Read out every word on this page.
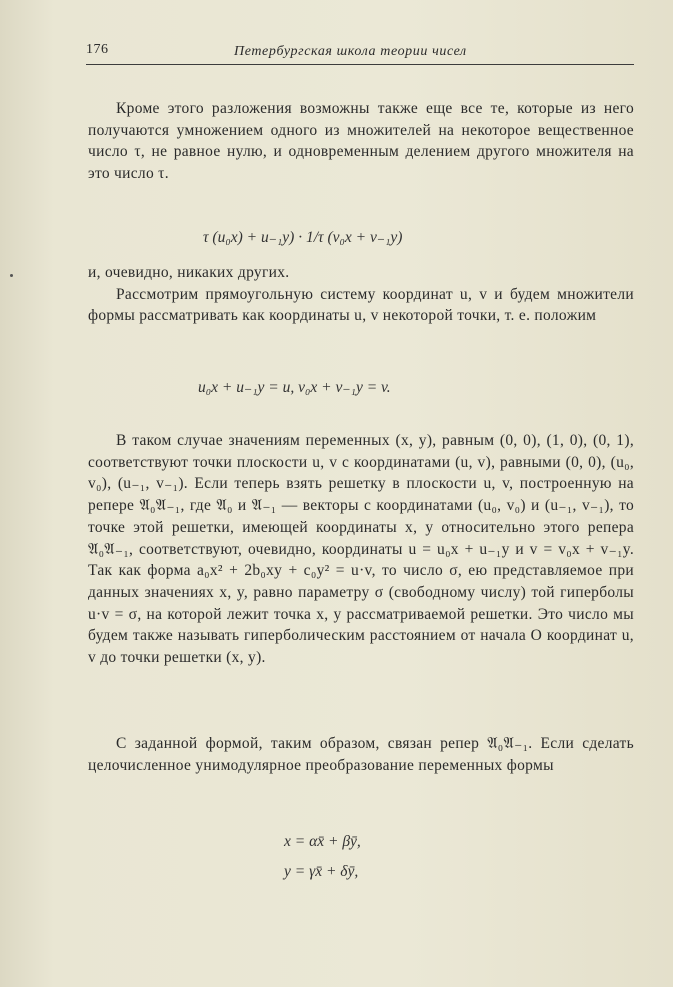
176	Петербургская школа теории чисел

Кроме этого разложения возможны также еще все те, которые из него получаются умножением одного из множителей на некоторое вещественное число τ, не равное нулю, и одновременным делением другого множителя на это число τ.

τ (u₀x) + u₋₁y) · 1/τ (v₀x + v₋₁y)

и, очевидно, никаких других.

Рассмотрим прямоугольную систему координат u, v и будем множители формы рассматривать как координаты u, v некоторой точки, т. е. положим

u₀x + u₋₁y = u, v₀x + v₋₁y = v.

В таком случае значениям переменных (x, y), равным (0, 0), (1, 0), (0, 1), соответствуют точки плоскости u, v с координатами (u, v), равными (0, 0), (u₀, v₀), (u₋₁, v₋₁). Если теперь взять решетку в плоскости u, v, построенную на репере 𝔄₀𝔄₋₁, где 𝔄₀ и 𝔄₋₁ — векторы с координатами (u₀, v₀) и (u₋₁, v₋₁), то точке этой решетки, имеющей координаты x, y относительно этого репера 𝔄₀𝔄₋₁, соответствуют, очевидно, координаты u = u₀x + u₋₁y и v = v₀x + v₋₁y. Так как форма a₀x² + 2b₀xy + c₀y² = u·v, то число σ, ею представляемое при данных значениях x, y, равно параметру σ (свободному числу) той гиперболы u·v = σ, на которой лежит точка x, y рассматриваемой решетки. Это число мы будем также называть гиперболическим расстоянием от начала O координат u, v до точки решетки (x, y).

С заданной формой, таким образом, связан репер 𝔄₀𝔄₋₁. Если сделать целочисленное унимодулярное преобразование переменных формы

x = αx̄ + βȳ,
y = γx̄ + δȳ,
